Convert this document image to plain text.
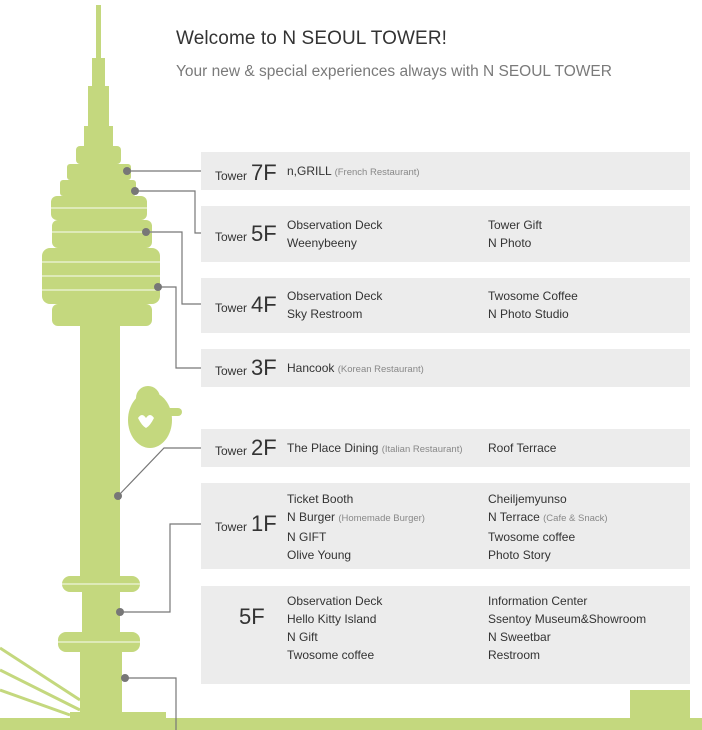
Welcome to N SEOUL TOWER!
Your new & special experiences always with N SEOUL TOWER
Tower 7F n,GRILL (French Restaurant)
Tower 5F Observation Deck
Weenybeeny
Tower Gift
N Photo
Tower 4F Observation Deck
Sky Restroom
Twosome Coffee
N Photo Studio
Tower 3F Hancook (Korean Restaurant)
Tower 2F The Place Dining (Italian Restaurant) Roof Terrace
Tower 1F
Ticket Booth
N Burger (Homemade Burger)
N GIFT
Olive Young
Cheiljemyunso
N Terrace (Cafe & Snack)
Twosome coffee
Photo Story
5F
Observation Deck
Hello Kitty Island
N Gift
Twosome coffee
Information Center
Ssentoy Museum&Showroom
N Sweetbar
Restroom
